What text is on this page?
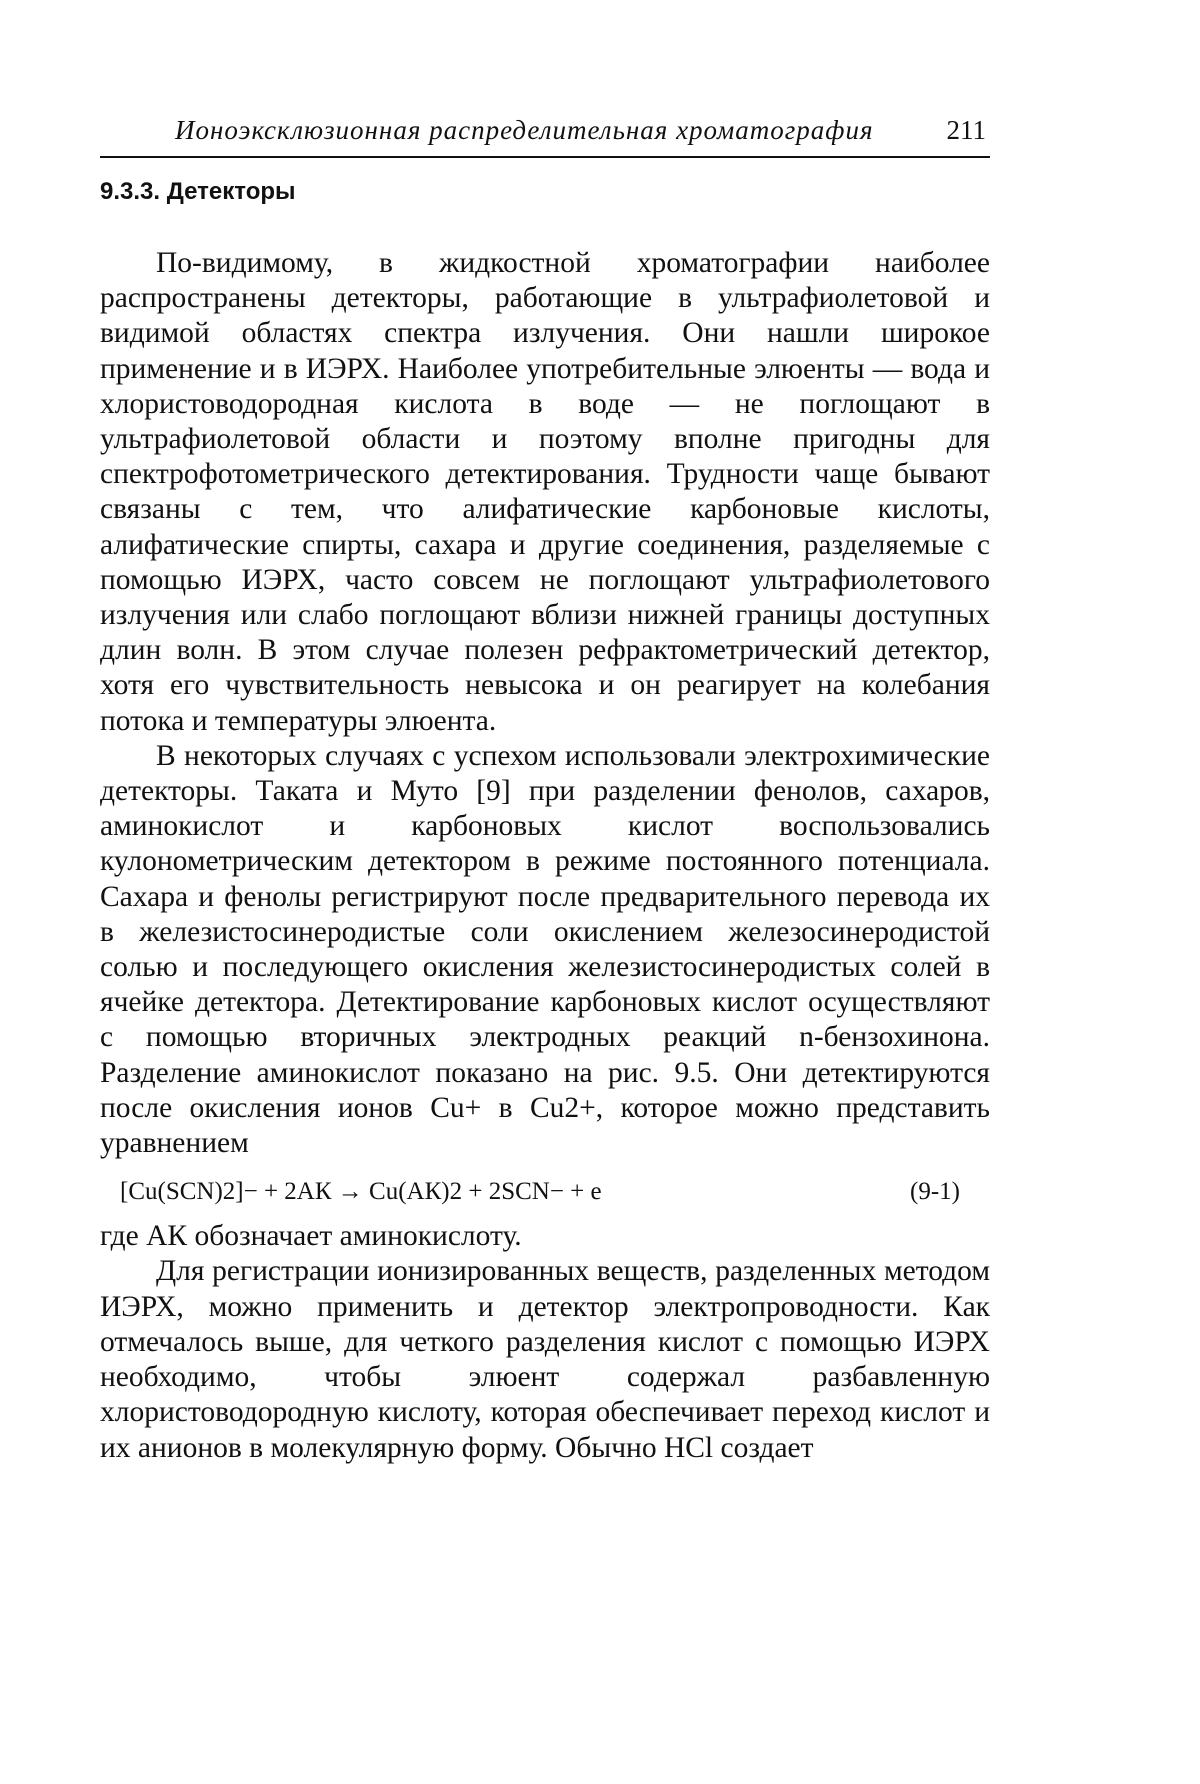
Ионоэксклюзионная распределительная хроматография	211
9.3.3. Детекторы

По-видимому, в жидкостной хроматографии наиболее распространены детекторы, работающие в ультрафиолетовой и видимой областях спектра излучения. Они нашли широкое применение и в ИЭРХ. Наиболее употребительные элюенты — вода и хлористоводородная кислота в воде — не поглощают в ультрафиолетовой области и поэтому вполне пригодны для спектрофотометрического детектирования. Трудности чаще бывают связаны с тем, что алифатические карбоновые кислоты, алифатические спирты, сахара и другие соединения, разделяемые с помощью ИЭРХ, часто совсем не поглощают ультрафиолетового излучения или слабо поглощают вблизи нижней границы доступных длин волн. В этом случае полезен рефрактометрический детектор, хотя его чувствительность невысока и он реагирует на колебания потока и температуры элюента.

В некоторых случаях с успехом использовали электрохимические детекторы. Таката и Муто [9] при разделении фенолов, сахаров, аминокислот и карбоновых кислот воспользовались кулонометрическим детектором в режиме постоянного потенциала. Сахара и фенолы регистрируют после предварительного перевода их в железистосинеродистые соли окислением железосинеродистой солью и последующего окисления железистосинеродистых солей в ячейке детектора. Детектирование карбоновых кислот осуществляют с помощью вторичных электродных реакций n-бензохинона. Разделение аминокислот показано на рис. 9.5. Они детектируются после окисления ионов Cu+ в Cu2+, которое можно представить уравнением

[Cu(SCN)2]− + 2АК → Cu(АК)2 + 2SCN− + e	(9-1)

где АК обозначает аминокислоту.

Для регистрации ионизированных веществ, разделенных методом ИЭРХ, можно применить и детектор электропроводности. Как отмечалось выше, для четкого разделения кислот с помощью ИЭРХ необходимо, чтобы элюент содержал разбавленную хлористоводородную кислоту, которая обеспечивает переход кислот и их анионов в молекулярную форму. Обычно HCl создает
